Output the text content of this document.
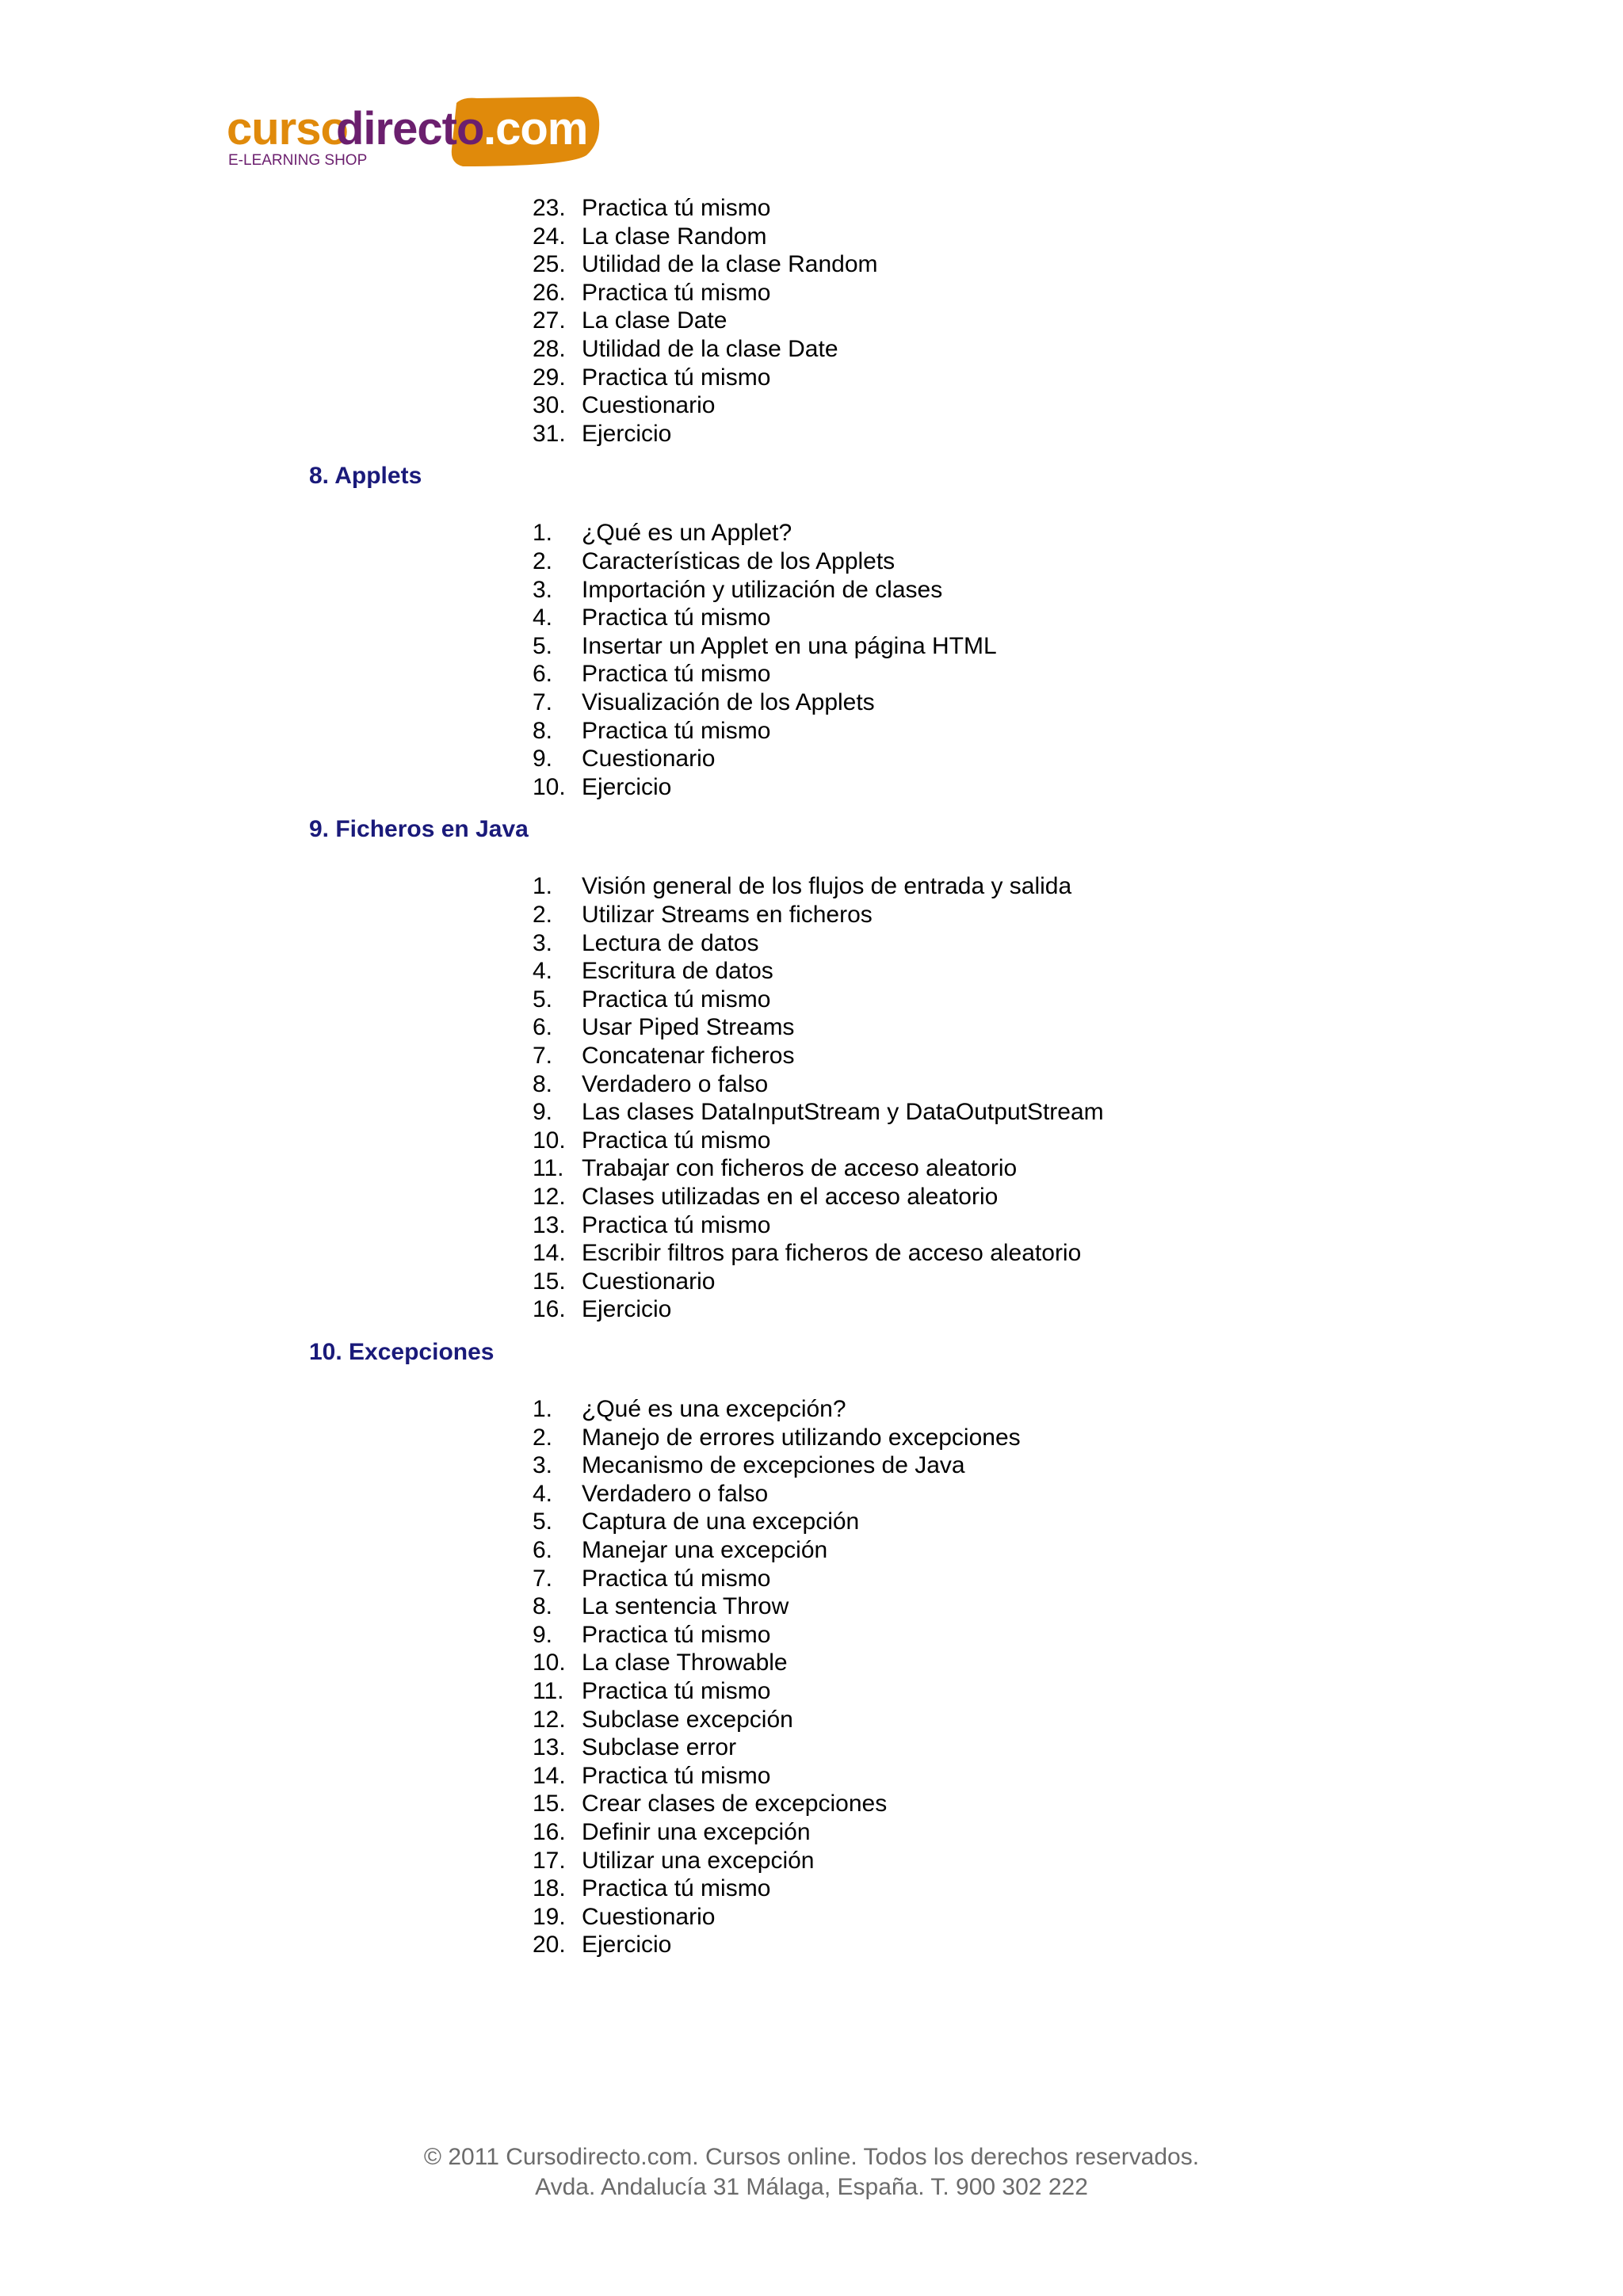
curso
directo .com
E-LEARNING SHOP
23. Practica tú mismo
24. La clase Random
25. Utilidad de la clase Random
26. Practica tú mismo
27. La clase Date
28. Utilidad de la clase Date
29. Practica tú mismo
30. Cuestionario
31. Ejercicio
8. Applets
1.	¿Qué es un Applet?
2.	Características de los Applets
3.	Importación y utilización de clases
4.	Practica tú mismo
5.	Insertar un Applet en una página HTML
6.	Practica tú mismo
7.	Visualización de los Applets
8.	Practica tú mismo
9.	Cuestionario
10. Ejercicio
9. Ficheros en Java
1.	Visión general de los flujos de entrada y salida
2.	Utilizar Streams en ficheros
3.	Lectura de datos
4.	Escritura de datos
5.	Practica tú mismo
6.	Usar Piped Streams
7.	Concatenar ficheros
8.	Verdadero o falso
9.	Las clases DataInputStream y DataOutputStream
10. Practica tú mismo
11. Trabajar con ficheros de acceso aleatorio
12. Clases utilizadas en el acceso aleatorio
13. Practica tú mismo
14. Escribir filtros para ficheros de acceso aleatorio
15. Cuestionario
16. Ejercicio
10. Excepciones
1.	¿Qué es una excepción?
2.	Manejo de errores utilizando excepciones
3.	Mecanismo de excepciones de Java
4.	Verdadero o falso
5.	Captura de una excepción
6.	Manejar una excepción
7.	Practica tú mismo
8.	La sentencia Throw
9.	Practica tú mismo
10. La clase Throwable
11. Practica tú mismo
12. Subclase excepción
13. Subclase error
14. Practica tú mismo
15. Crear clases de excepciones
16. Definir una excepción
17. Utilizar una excepción
18. Practica tú mismo
19. Cuestionario
20. Ejercicio
© 2011 Cursodirecto.com. Cursos online. Todos los derechos reservados.
Avda. Andalucía 31 Málaga, España. T. 900 302 222
